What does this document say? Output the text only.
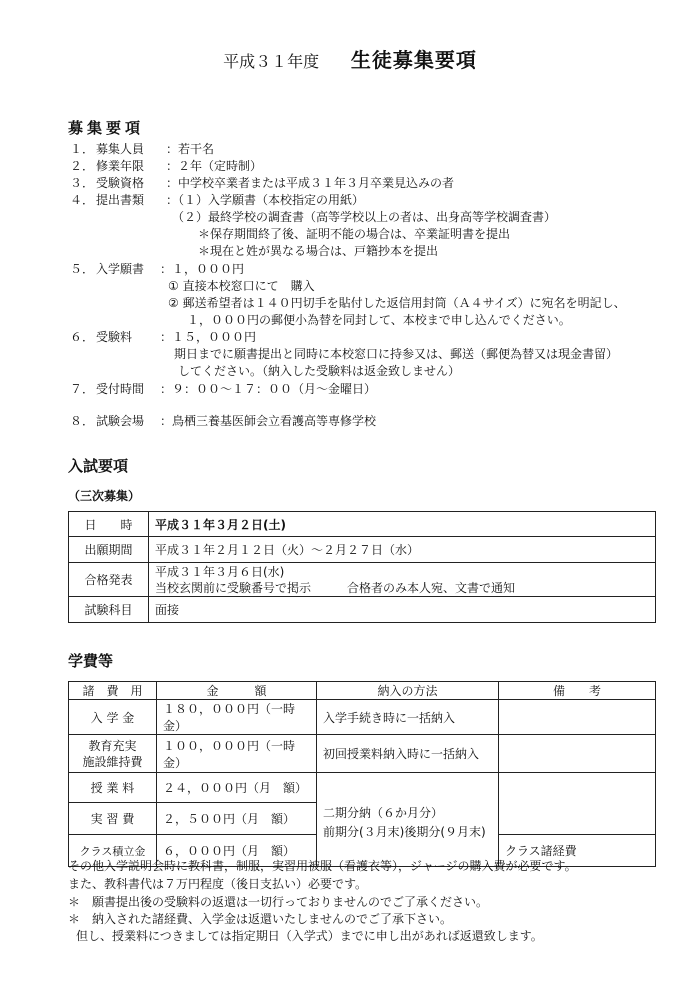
平成３１年度 生徒募集要項
募集要項
１． 募集人員 ：若干名
２． 修業年限 ：２年（定時制）
３． 受験資格 ：中学校卒業者または平成３１年３月卒業見込みの者
４． 提出書類 ：（１）入学願書（本校指定の用紙）
（２）最終学校の調査書（高等学校以上の者は、出身高等学校調査書）
＊保存期間終了後、証明不能の場合は、卒業証明書を提出
＊現在と姓が異なる場合は、戸籍抄本を提出
５． 入学願書 ：１，０００円
① 直接本校窓口にて　購入
② 郵送希望者は１４０円切手を貼付した返信用封筒（Ａ４サイズ）に宛名を明記し、
１，０００円の郵便小為替を同封して、本校まで申し込んでください。
６． 受験料 ：１５，０００円
期日までに願書提出と同時に本校窓口に持参又は、郵送（郵便為替又は現金書留）
してください。（納入した受験料は返金致しません）
７． 受付時間 ：９：００～１７：００（月～金曜日）
８． 試験会場 ：鳥栖三養基医師会立看護高等専修学校
入試要項
（三次募集）
日　　時	平成３１年３月２日(土)
出願期間	平成３１年２月１２日（火）～２月２７日（水）
合格発表	平成３１年３月６日(水)
当校玄関前に受験番号で掲示　　　合格者のみ本人宛、文書で通知

試験科目	面接
学費等
諸　費　用	金　　　額	納入の方法	備　　考
入 学 金	１８０，０００円（一時金）	入学手続き時に一括納入	

教育充実
施設維持費	１００，０００円（一時金）	初回授業料納入時に一括納入	
授 業 料	２４，０００円（月　額）	二期分納（６か月分）
前期分(３月末)後期分(９月末)	

実 習 費	２，５００円（月　額）		
クラス積立金	６，０００円（月　額）		クラス諸経費
その他入学説明会時に教科書，制服，実習用被服（看護衣等），ジャージの購入費が必要です。
また、教科書代は７万円程度（後日支払い）必要です。
＊　願書提出後の受験料の返還は一切行っておりませんのでご了承ください。
＊　納入された諸経費、入学金は返還いたしませんのでご了承下さい。
但し、授業料につきましては指定期日（入学式）までに申し出があれば返還致します。
